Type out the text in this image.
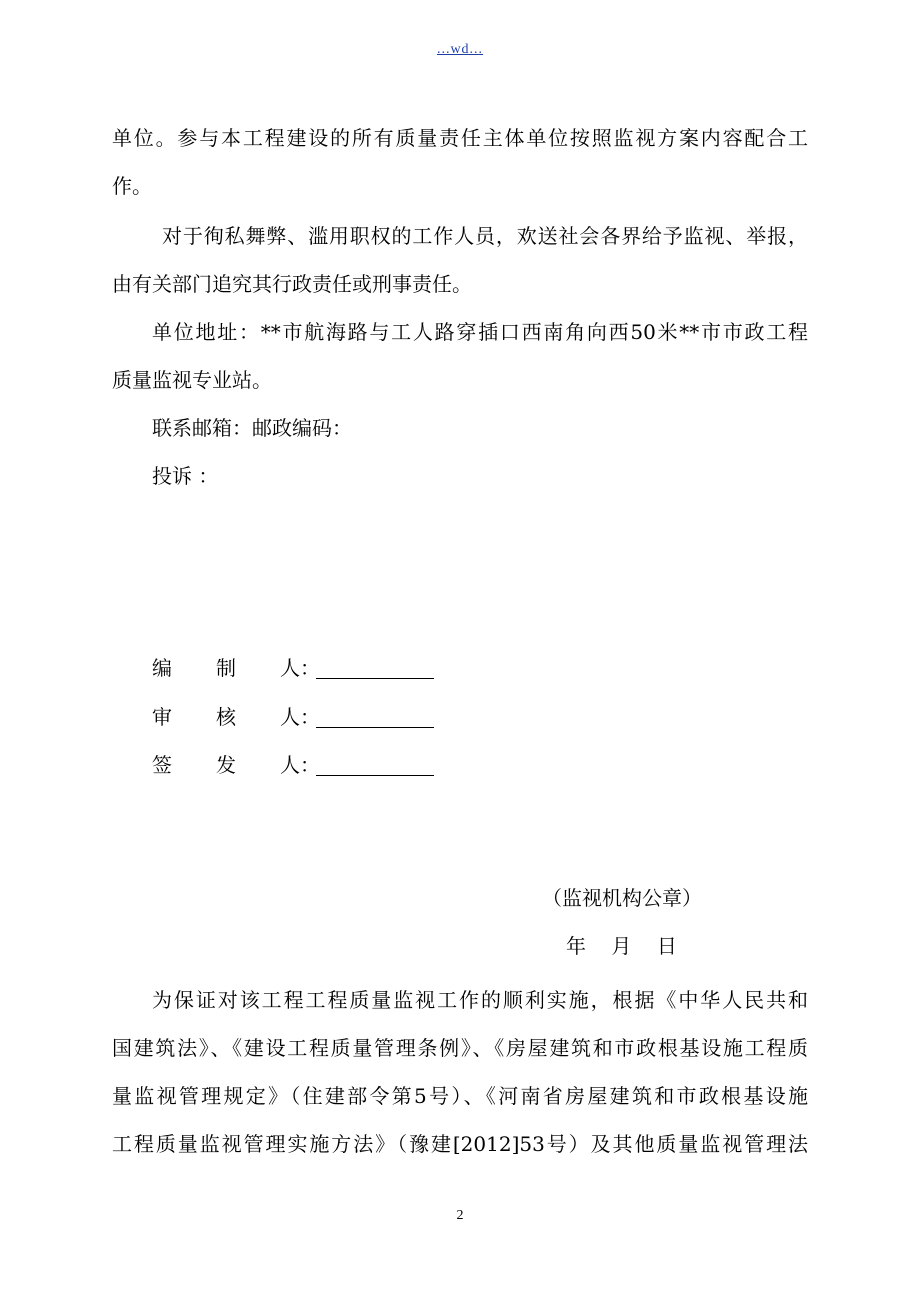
...wd...
单位。参与本工程建设的所有质量责任主体单位按照监视方案内容配合工
作。
对于徇私舞弊、滥用职权的工作人员，欢送社会各界给予监视、举报，
由有关部门追究其行政责任或刑事责任。
单位地址：**市航海路与工人路穿插口西南角向西50米**市市政工程
质量监视专业站。
联系邮箱：邮政编码：
投诉 ：
编制人：
审核人：
签发人：
（监视机构公章）
年    月    日
为保证对该工程工程质量监视工作的顺利实施，根据《中华人民共和
国建筑法》、《建设工程质量管理条例》、《房屋建筑和市政根基设施工程质
量监视管理规定》（住建部令第5号）、《河南省房屋建筑和市政根基设施
工程质量监视管理实施方法》（豫建[2012]53号）及其他质量监视管理法
2
